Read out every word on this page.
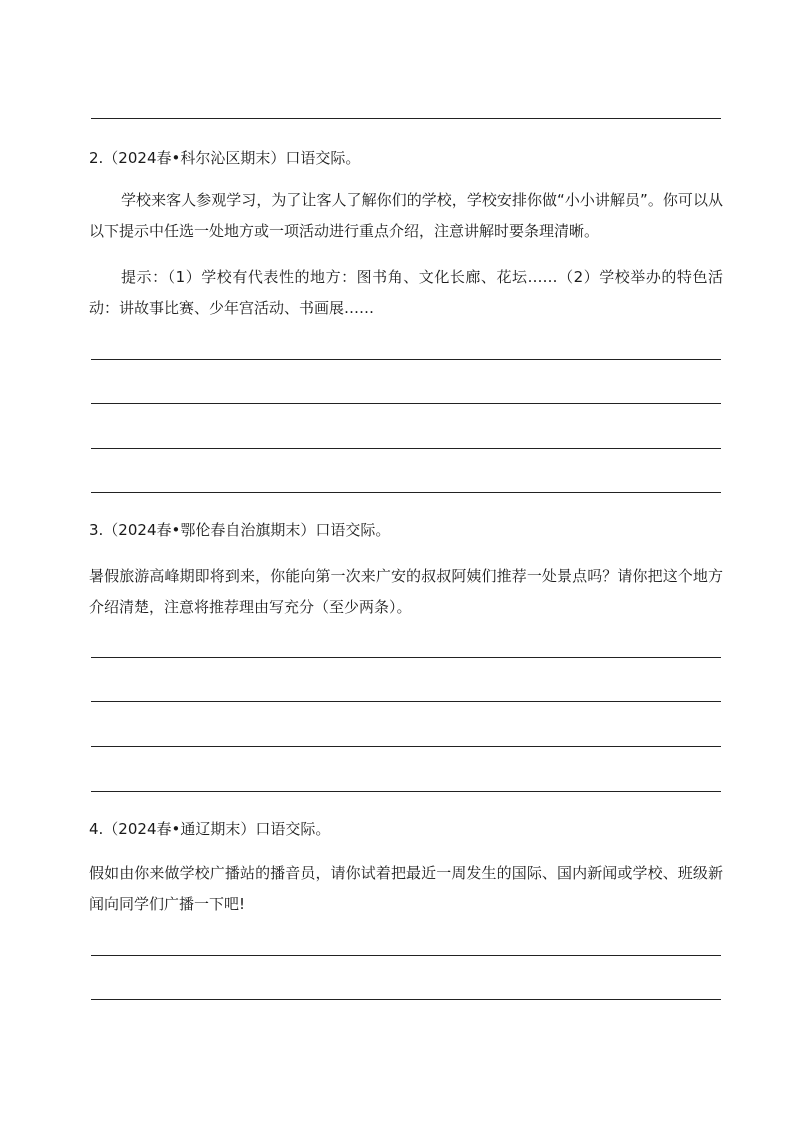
2.（2024春•科尔沁区期末）口语交际。

学校来客人参观学习，为了让客人了解你们的学校，学校安排你做“小小讲解员”。你可以从以下提示中任选一处地方或一项活动进行重点介绍，注意讲解时要条理清晰。

提示：（1）学校有代表性的地方：图书角、文化长廊、花坛……（2）学校举办的特色活动：讲故事比赛、少年宫活动、书画展……

3.（2024春•鄂伦春自治旗期末）口语交际。

暑假旅游高峰期即将到来，你能向第一次来广安的叔叔阿姨们推荐一处景点吗？请你把这个地方介绍清楚，注意将推荐理由写充分（至少两条）。

4.（2024春•通辽期末）口语交际。

假如由你来做学校广播站的播音员，请你试着把最近一周发生的国际、国内新闻或学校、班级新闻向同学们广播一下吧!
